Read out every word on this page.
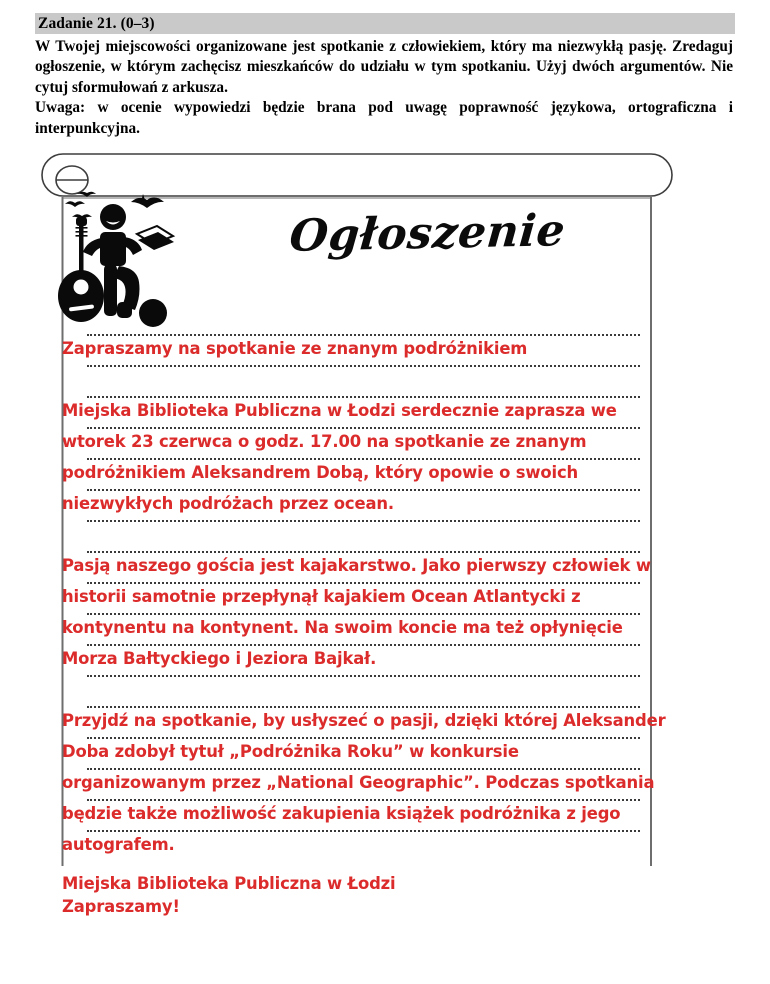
Zadanie 21. (0–3)

W Twojej miejscowości organizowane jest spotkanie z człowiekiem, który ma niezwykłą pasję. Zredaguj ogłoszenie, w którym zachęcisz mieszkańców do udziału w tym spotkaniu. Użyj dwóch argumentów. Nie cytuj sformułowań z arkusza.

Uwaga: w ocenie wypowiedzi będzie brana pod uwagę poprawność językowa, ortograficzna i interpunkcyjna.

Ogłoszenie
Zapraszamy na spotkanie ze znanym podróżnikiem
Miejska Biblioteka Publiczna w Łodzi serdecznie zaprasza we
wtorek 23 czerwca o godz. 17.00 na spotkanie ze znanym
podróżnikiem Aleksandrem Dobą, który opowie o swoich
niezwykłych podróżach przez ocean.
Pasją naszego gościa jest kajakarstwo. Jako pierwszy człowiek w
historii samotnie przepłynął kajakiem Ocean Atlantycki z
kontynentu na kontynent. Na swoim koncie ma też opłynięcie
Morza Bałtyckiego i Jeziora Bajkał.
Przyjdź na spotkanie, by usłyszeć o pasji, dzięki której Aleksander
Doba zdobył tytuł „Podróżnika Roku” w konkursie
organizowanym przez „National Geographic”. Podczas spotkania
będzie także możliwość zakupienia książek podróżnika z jego
autografem.
Zapraszamy!
Miejska Biblioteka Publiczna w Łodzi
